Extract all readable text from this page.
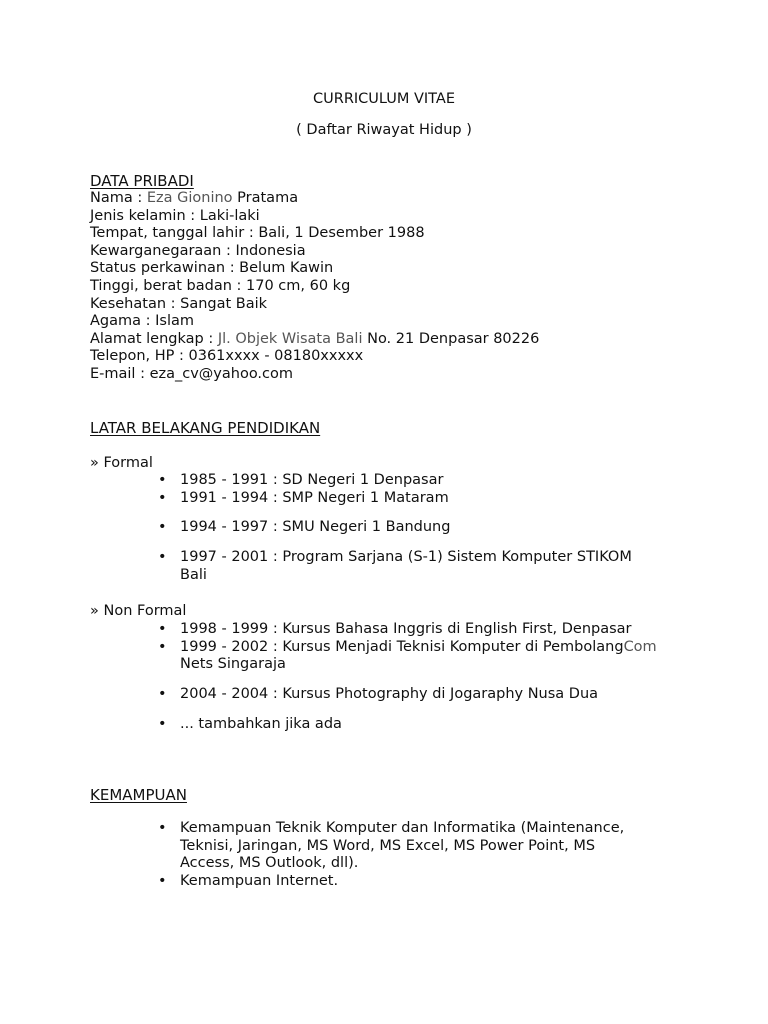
CURRICULUM VITAE
( Daftar Riwayat Hidup )
DATA PRIBADI
Nama : Eza Gionino Pratama
Jenis kelamin : Laki-laki
Tempat, tanggal lahir : Bali, 1 Desember 1988
Kewarganegaraan : Indonesia
Status perkawinan : Belum Kawin
Tinggi, berat badan : 170 cm, 60 kg
Kesehatan : Sangat Baik
Agama : Islam
Alamat lengkap : Jl. Objek Wisata Bali No. 21 Denpasar 80226
Telepon, HP : 0361xxxx - 08180xxxxx
E-mail : eza_cv@yahoo.com
LATAR BELAKANG PENDIDIKAN
» Formal
• 1985 - 1991 : SD Negeri 1 Denpasar
• 1991 - 1994 : SMP Negeri 1 Mataram
• 1994 - 1997 : SMU Negeri 1 Bandung
• 1997 - 2001 : Program Sarjana (S-1) Sistem Komputer STIKOM Bali
» Non Formal
• 1998 - 1999 : Kursus Bahasa Inggris di English First, Denpasar
• 1999 - 2002 : Kursus Menjadi Teknisi Komputer di PembolangCom Nets Singaraja
• 2004 - 2004 : Kursus Photography di Jogaraphy Nusa Dua
• ... tambahkan jika ada
KEMAMPUAN
• Kemampuan Teknik Komputer dan Informatika (Maintenance, Teknisi, Jaringan, MS Word, MS Excel, MS Power Point, MS Access, MS Outlook, dll).
• Kemampuan Internet.
